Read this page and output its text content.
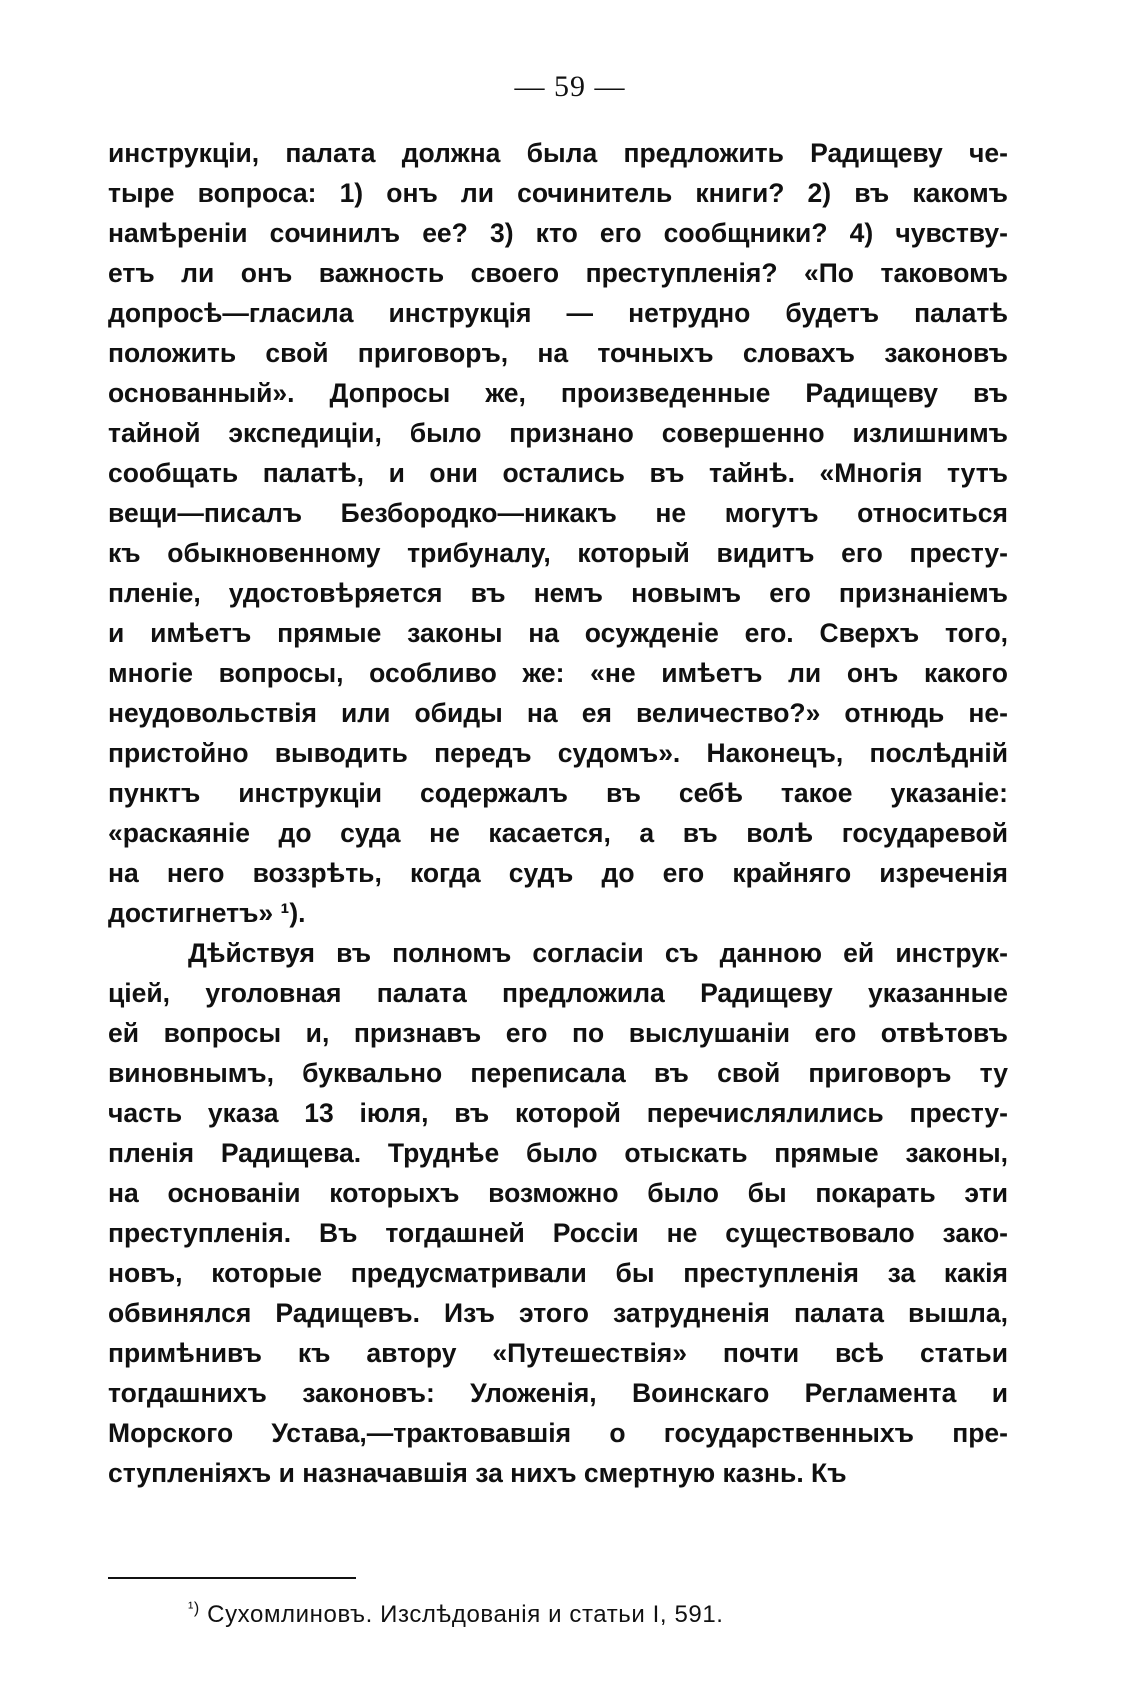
— 59 —
инструкціи, палата должна была предложить Радищеву че-
тыре вопроса: 1) онъ ли сочинитель книги? 2) въ какомъ
намѣреніи сочинилъ ее? 3) кто его сообщники? 4) чувству-
етъ ли онъ важность своего преступленія? «По таковомъ
допросѣ—гласила инструкція — нетрудно будетъ палатѣ
положить свой приговоръ, на точныхъ словахъ законовъ
основанный». Допросы же, произведенные Радищеву въ
тайной экспедиціи, было признано совершенно излишнимъ
сообщать палатѣ, и они остались въ тайнѣ. «Многія тутъ
вещи—писалъ Безбородко—никакъ не могутъ относиться
къ обыкновенному трибуналу, который видитъ его престу-
пленіе, удостовѣряется въ немъ новымъ его признаніемъ
и имѣетъ прямые законы на осужденіе его. Сверхъ того,
многіе вопросы, особливо же: «не имѣетъ ли онъ какого
неудовольствія или обиды на ея величество?» отнюдь не-
пристойно выводить передъ судомъ». Наконецъ, послѣдній
пунктъ инструкціи содержалъ въ себѣ такое указаніе:
«раскаяніе до суда не касается, а въ волѣ государевой
на него воззрѣть, когда судъ до его крайняго изреченія
достигнетъ» ¹).
Дѣйствуя въ полномъ согласіи съ данною ей инструк-
ціей, уголовная палата предложила Радищеву указанные
ей вопросы и, признавъ его по выслушаніи его отвѣтовъ
виновнымъ, буквально переписала въ свой приговоръ ту
часть указа 13 іюля, въ которой перечислялились престу-
пленія Радищева. Труднѣе было отыскать прямые законы,
на основаніи которыхъ возможно было бы покарать эти
преступленія. Въ тогдашней Россіи не существовало зако-
новъ, которые предусматривали бы преступленія за какія
обвинялся Радищевъ. Изъ этого затрудненія палата вышла,
примѣнивъ къ автору «Путешествія» почти всѣ статьи
тогдашнихъ законовъ: Уложенія, Воинскаго Регламента и
Морского Устава,—трактовавшія о государственныхъ пре-
ступленіяхъ и назначавшія за нихъ смертную казнь. Къ
$^{^1)}$ Сухомлиновъ. Изслѣдованія и статьи I, 591.
